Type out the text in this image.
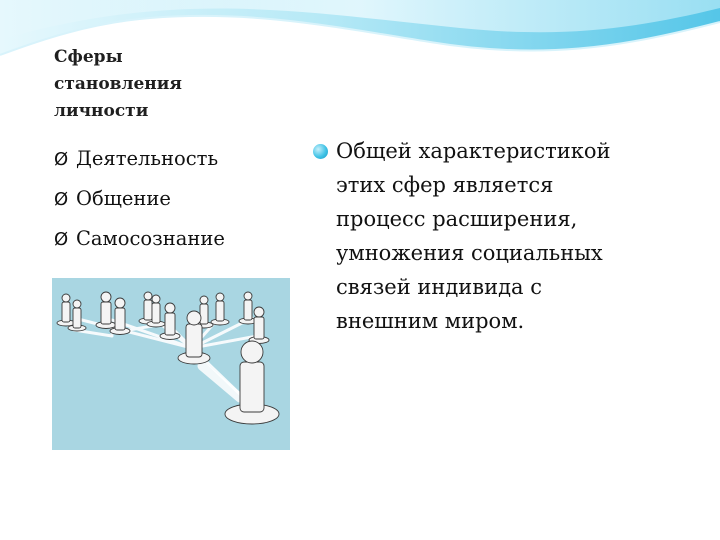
Сферы
становления
личности
Ø Деятельность
Ø Общение
Ø Самосознание
Общей характеристикой
этих сфер является
процесс расширения,
умножения социальных
связей индивида с
внешним миром.
